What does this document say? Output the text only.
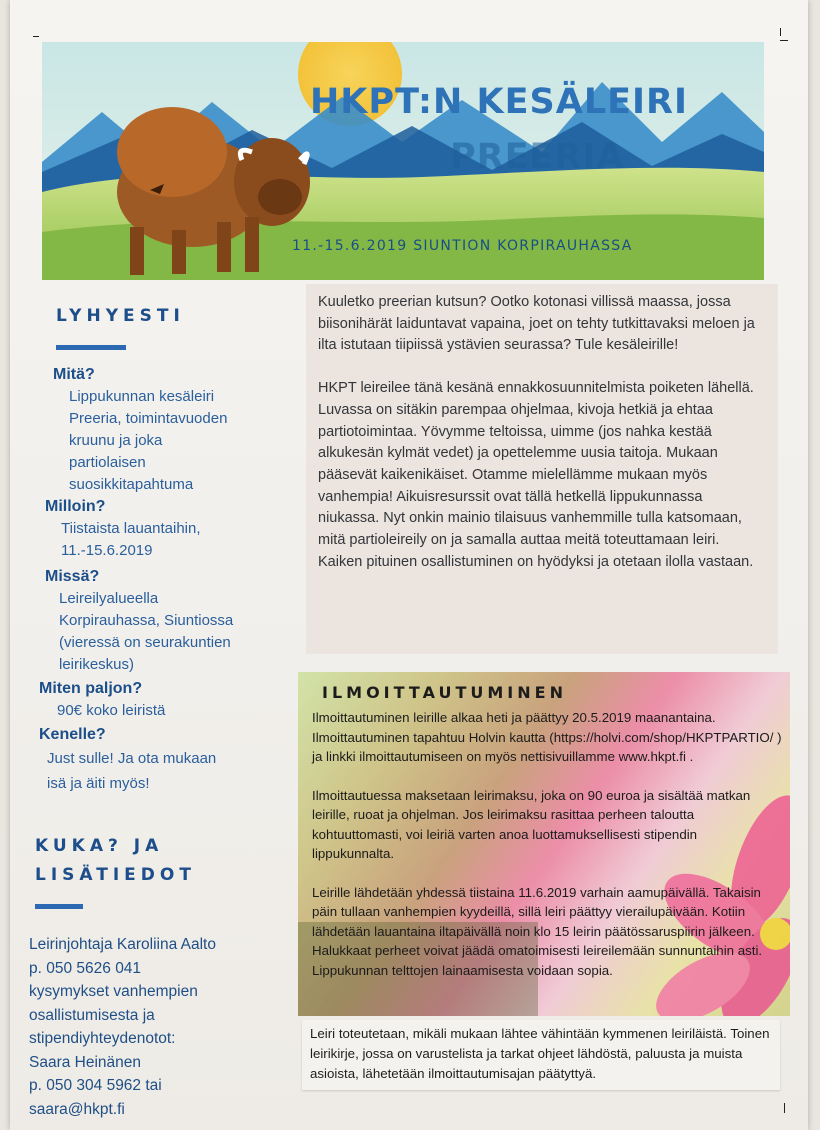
HKPT:N KESÄLEIRI
PREERIA
11.-15.6.2019 SIUNTION KORPIRAUHASSA
LYHYESTI
Mitä?
Lippukunnan kesäleiri
Preeria, toimintavuoden
kruunu ja joka
partiolaisen
suosikkitapahtuma
Milloin?
Tiistaista lauantaihin,
11.-15.6.2019
Missä?
Leireilyalueella
Korpirauhassa, Siuntiossa
(vieressä on seurakuntien
leirikeskus)
Miten paljon?
90€ koko leiristä
Kenelle?
Just sulle! Ja ota mukaan
isä ja äiti myös!
KUKA? JA
LISÄTIEDOT
Leirinjohtaja Karoliina Aalto
p. 050 5626 041
kysymykset vanhempien
osallistumisesta ja
stipendiyhteydenotot:
Saara Heinänen
p. 050 304 5962 tai
saara@hkpt.fi

Kuuletko preerian kutsun? Ootko kotonasi villissä maassa, jossa biisonihärät laiduntavat vapaina, joet on tehty tutkittavaksi meloen ja ilta istutaan tiipiissä ystävien seurassa? Tule kesäleirille!

HKPT leireilee tänä kesänä ennakkosuunnitelmista poiketen lähellä. Luvassa on sitäkin parempaa ohjelmaa, kivoja hetkiä ja ehtaa partiotoimintaa. Yövymme teltoissa, uimme (jos nahka kestää alkukesän kylmät vedet) ja opettelemme uusia taitoja. Mukaan pääsevät kaikenikäiset. Otamme mielellämme mukaan myös vanhempia! Aikuisresurssit ovat tällä hetkellä lippukunnassa niukassa. Nyt onkin mainio tilaisuus vanhemmille tulla katsomaan, mitä partioleireily on ja samalla auttaa meitä toteuttamaan leiri. Kaiken pituinen osallistuminen on hyödyksi ja otetaan ilolla vastaan.

ILMOITTAUTUMINEN

Ilmoittautuminen leirille alkaa heti ja päättyy 20.5.2019 maanantaina. Ilmoittautuminen tapahtuu Holvin kautta (https://holvi.com/shop/HKPTPARTIO/ ) ja linkki ilmoittautumiseen on myös nettisivuillamme www.hkpt.fi .

Ilmoittautuessa maksetaan leirimaksu, joka on 90 euroa ja sisältää matkan leirille, ruoat ja ohjelman. Jos leirimaksu rasittaa perheen taloutta kohtuuttomasti, voi leiriä varten anoa luottamuksellisesti stipendin lippukunnalta.

Leirille lähdetään yhdessä tiistaina 11.6.2019 varhain aamupäivällä. Takaisin päin tullaan vanhempien kyydeillä, sillä leiri päättyy vierailupäivään. Kotiin lähdetään lauantaina iltapäivällä noin klo 15 leirin päätössaruspiirin jälkeen. Halukkaat perheet voivat jäädä omatoimisesti leireilemään sunnuntaihin asti. Lippukunnan telttojen lainaamisesta voidaan sopia.

Leiri toteutetaan, mikäli mukaan lähtee vähintään kymmenen leiriläistä. Toinen leirikirje, jossa on varustelista ja tarkat ohjeet lähdöstä, paluusta ja muista asioista, lähetetään ilmoittautumisajan päätyttyä.
